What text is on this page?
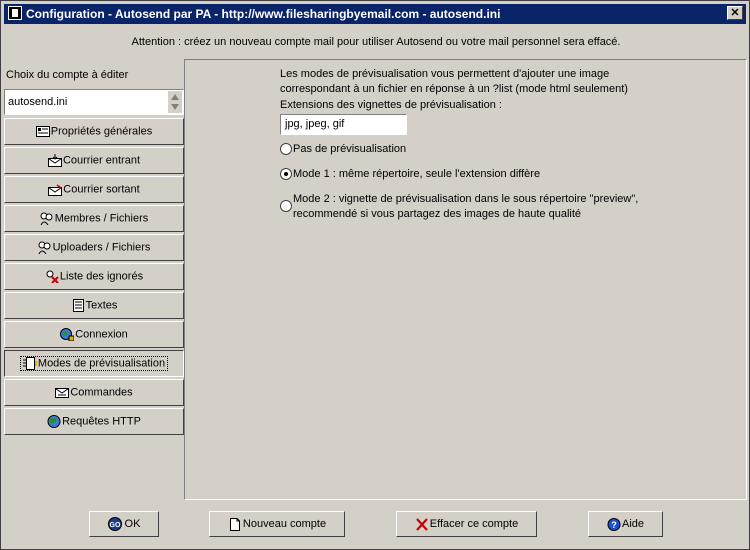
Configuration - Autosend par PA - http://www.filesharingbyemail.com - autosend.ini	✕
Attention : créez un nouveau compte mail pour utiliser Autosend ou votre mail personnel sera effacé.
Choix du compte à éditer
autosend.ini
Propriétés générales
Courrier entrant
Courrier sortant
Membres / Fichiers
Uploaders / Fichiers
Liste des ignorés
Textes
Connexion
Modes de prévisualisation
Commandes
Requêtes HTTP
Les modes de prévisualisation vous permettent d'ajouter une image
correspondant à un fichier en réponse à un ?list (mode html seulement)
Extensions des vignettes de prévisualisation :
jpg, jpeg, gif
Pas de prévisualisation
Mode 1 : même répertoire, seule l'extension diffère
Mode 2 : vignette de prévisualisation dans le sous répertoire "preview",
recommendé si vous partagez des images de haute qualité
GO OK	Nouveau compte	Effacer ce compte	? Aide
